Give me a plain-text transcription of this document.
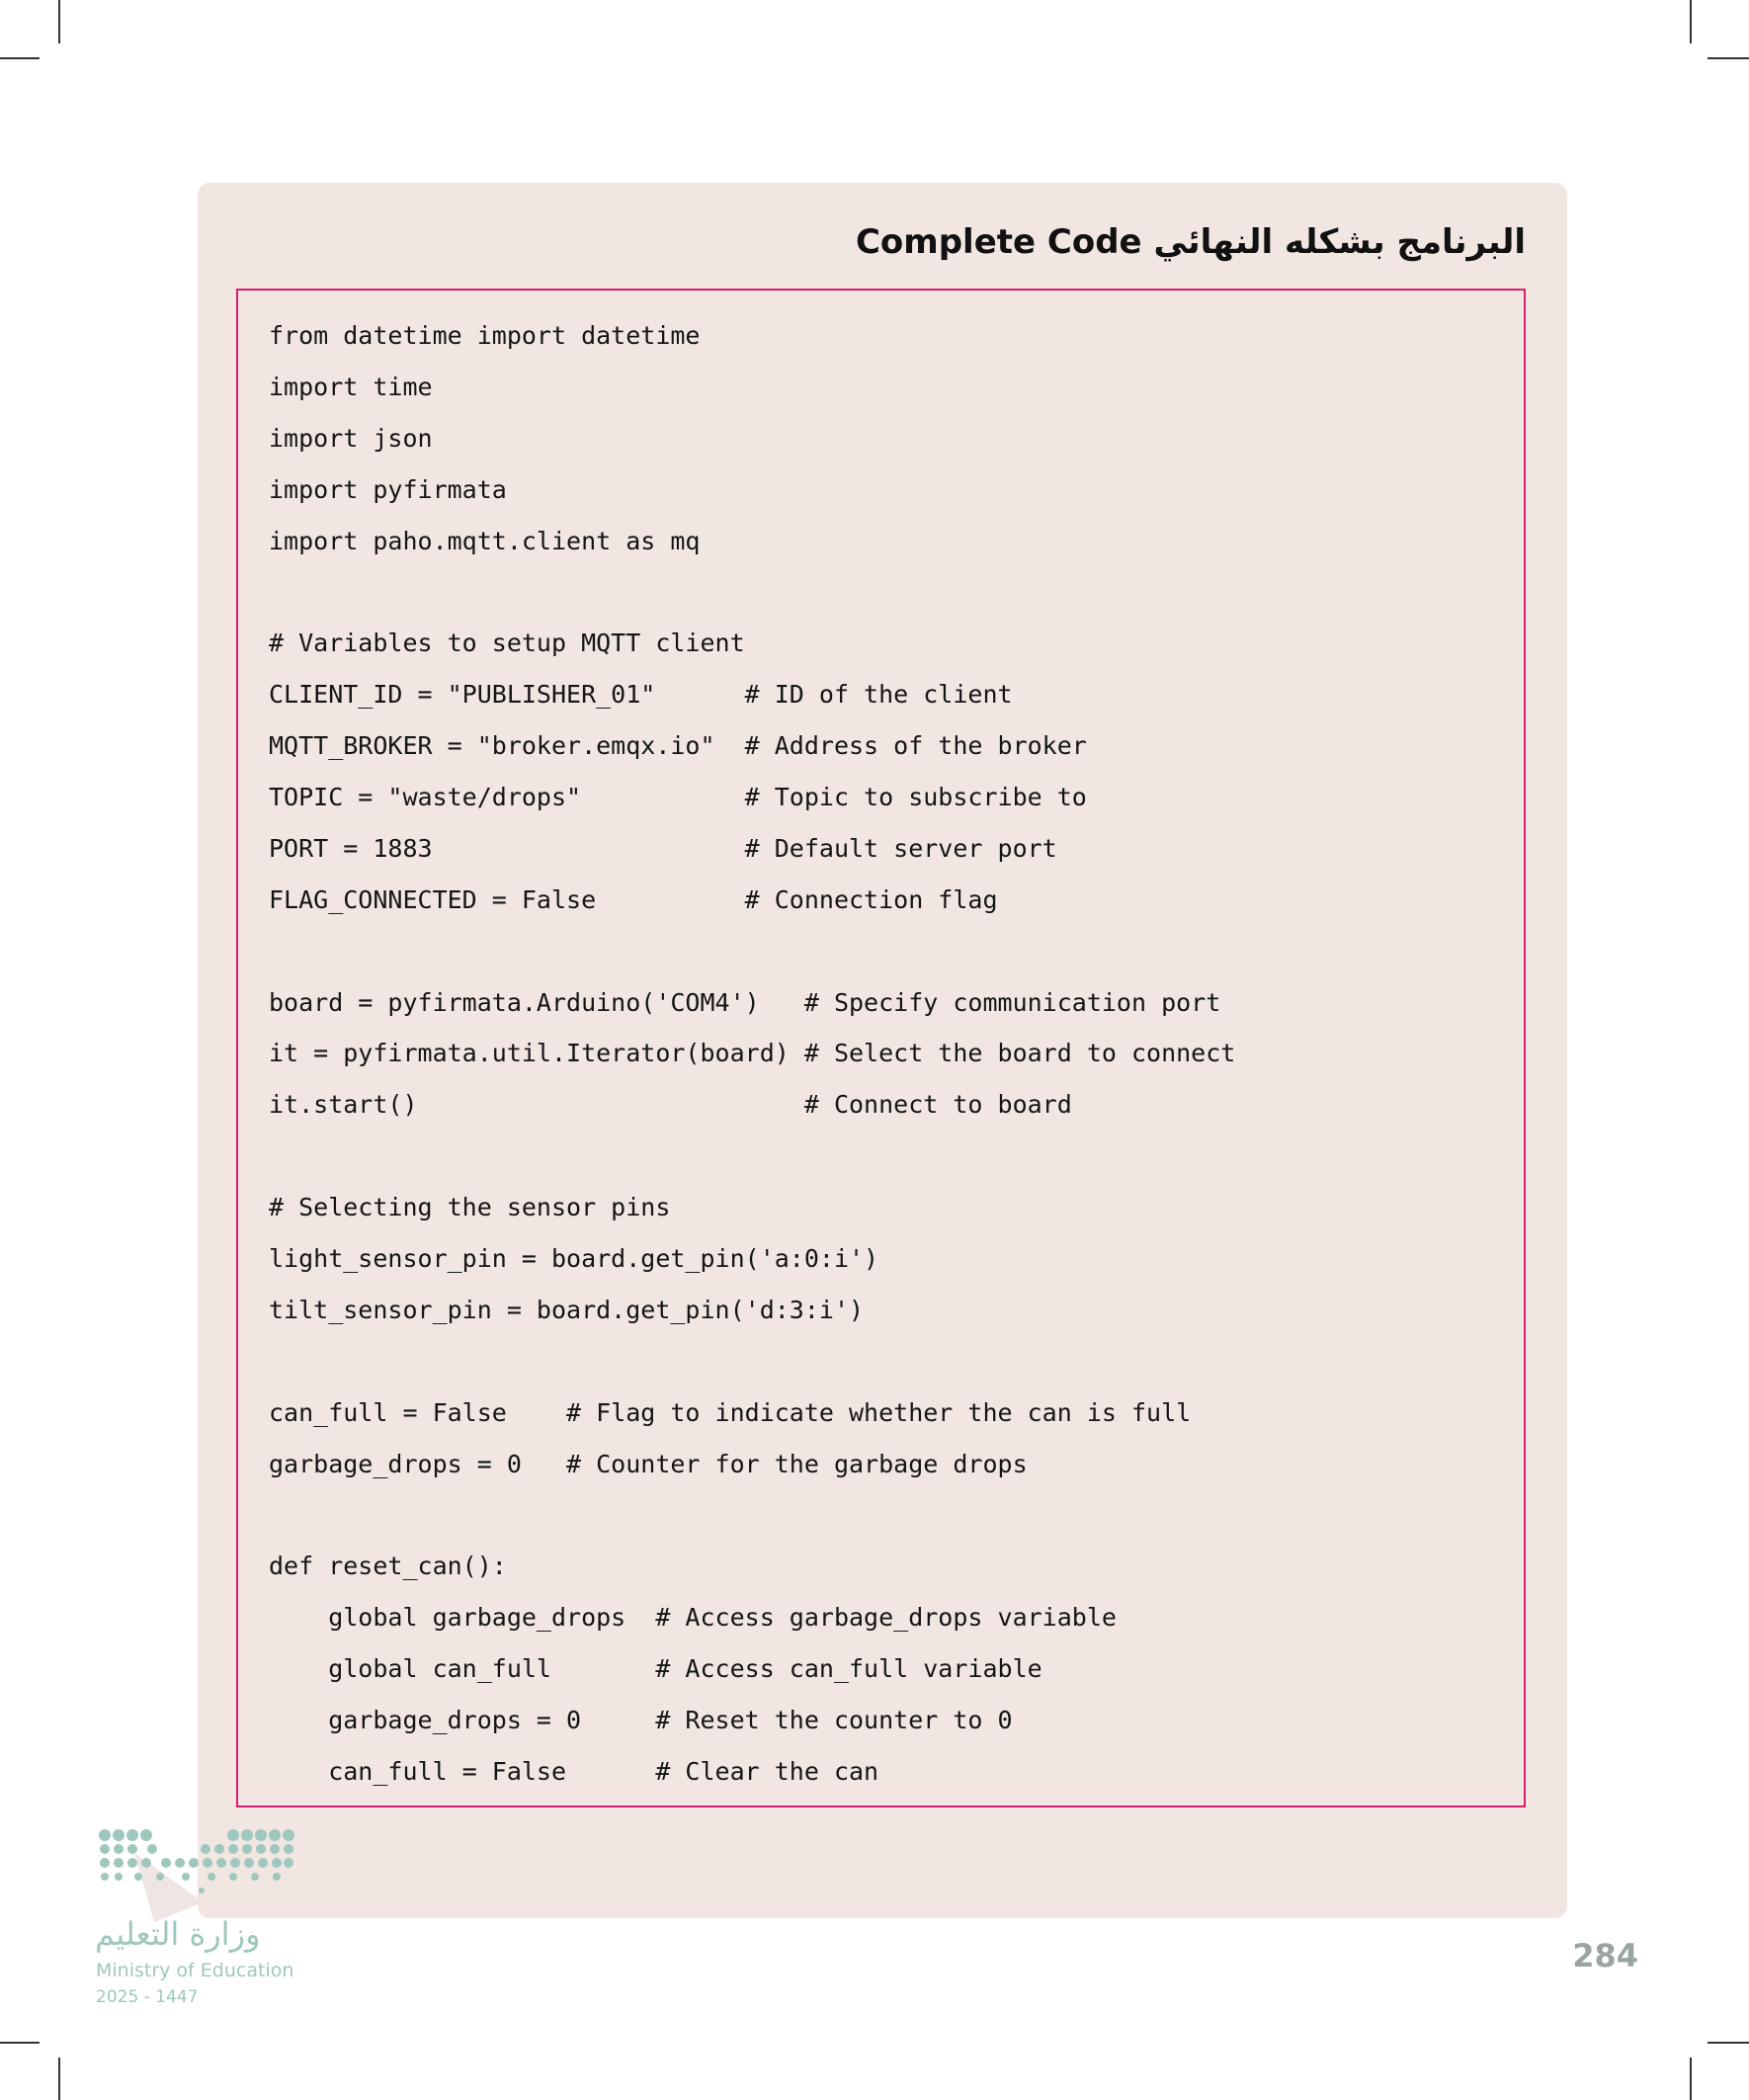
البرنامج بشكله النهائي Complete Code
from datetime import datetime
import time
import json
import pyfirmata
import paho.mqtt.client as mq

# Variables to setup MQTT client
CLIENT_ID = "PUBLISHER_01"      # ID of the client
MQTT_BROKER = "broker.emqx.io"  # Address of the broker
TOPIC = "waste/drops"           # Topic to subscribe to
PORT = 1883                     # Default server port
FLAG_CONNECTED = False          # Connection flag

board = pyfirmata.Arduino('COM4')   # Specify communication port
it = pyfirmata.util.Iterator(board) # Select the board to connect
it.start()                          # Connect to board

# Selecting the sensor pins
light_sensor_pin = board.get_pin('a:0:i')
tilt_sensor_pin = board.get_pin('d:3:i')

can_full = False    # Flag to indicate whether the can is full
garbage_drops = 0   # Counter for the garbage drops

def reset_can():
global garbage_drops  # Access garbage_drops variable
global can_full       # Access can_full variable
garbage_drops = 0     # Reset the counter to 0
can_full = False      # Clear the can
وزارة التعليم
Ministry of Education
2025 - 1447
284
